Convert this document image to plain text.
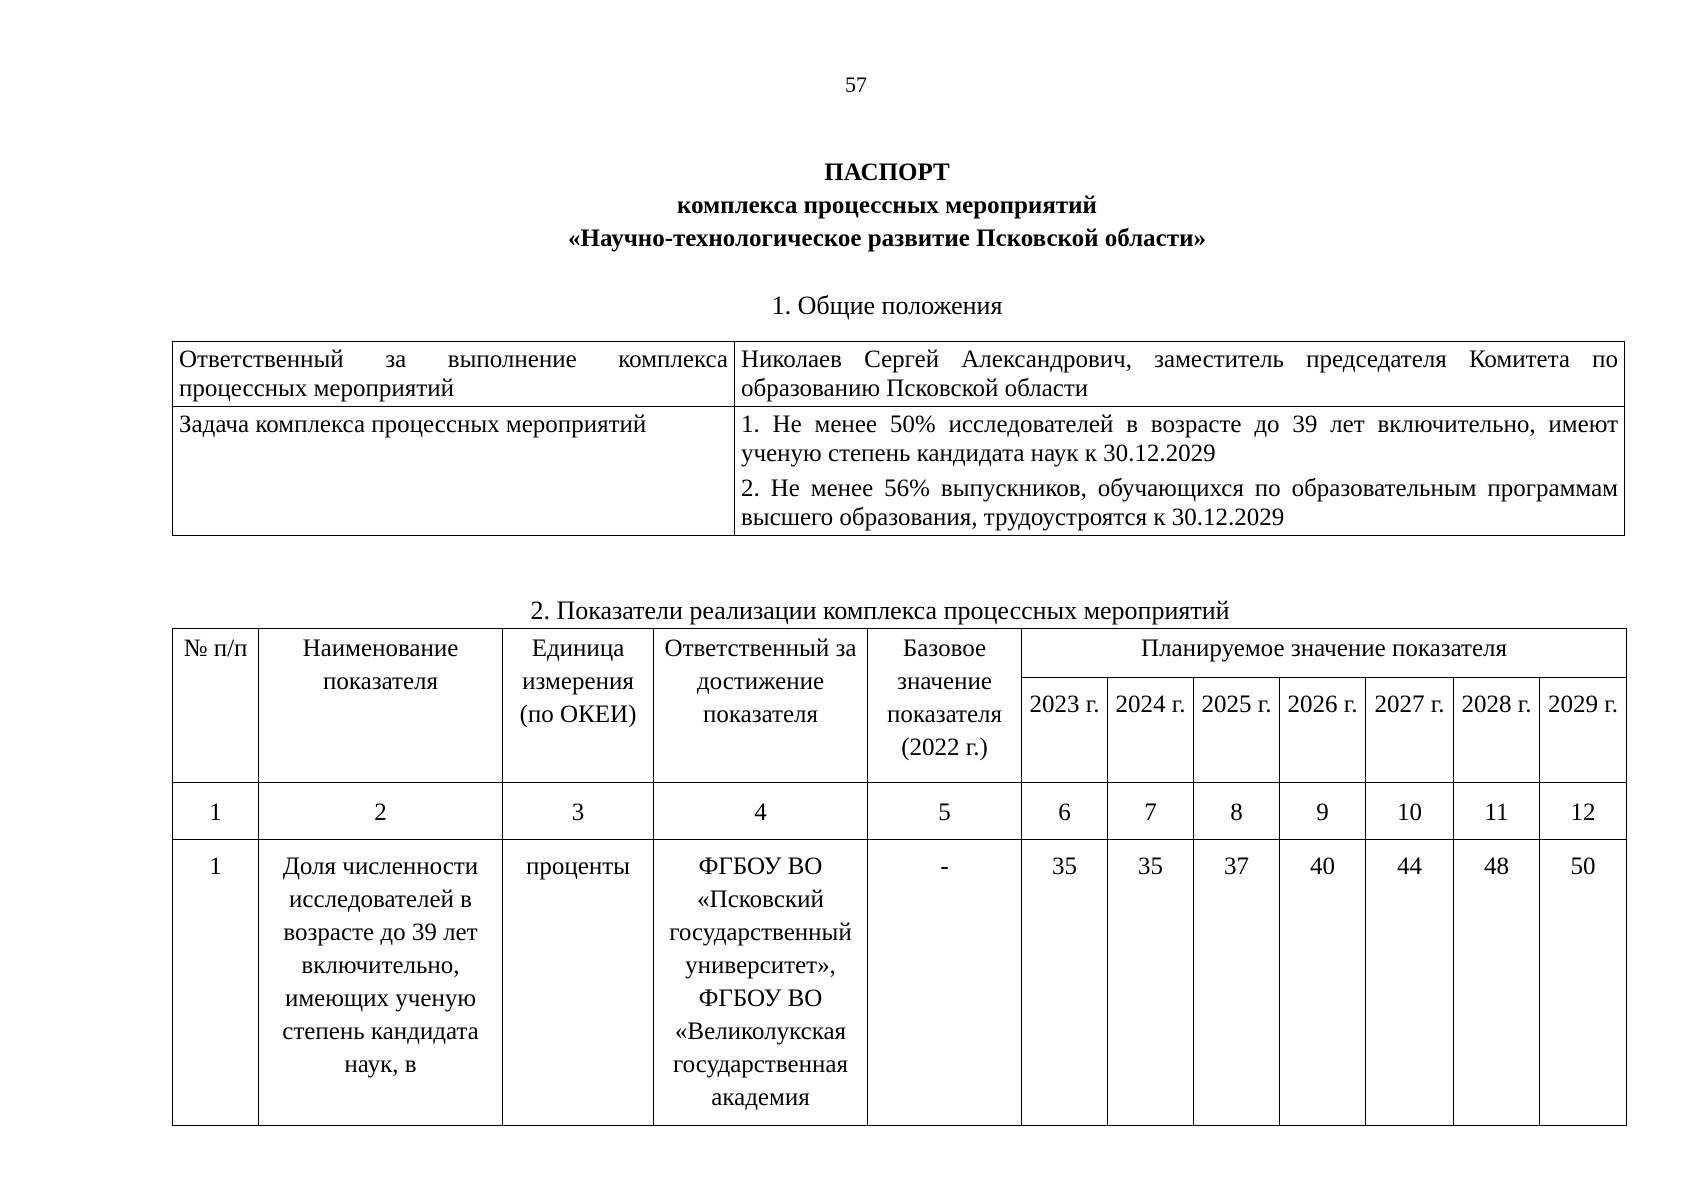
57
ПАСПОРТ
комплекса процессных мероприятий
«Научно-технологическое развитие Псковской области»
1. Общие положения
Ответственный за выполнение комплекса процессных мероприятий	Николаев Сергей Александрович, заместитель председателя Комитета по образованию Псковской области
Задача комплекса процессных мероприятий	1. Не менее 50% исследователей в возрасте до 39 лет включительно, имеют ученую степень кандидата наук к 30.12.2029

2. Не менее 56% выпускников, обучающихся по образовательным программам высшего образования, трудоустроятся к 30.12.2029

2. Показатели реализации комплекса процессных мероприятий
№ п/п	Наименование показателя	Единица измерения (по ОКЕИ)	Ответственный за достижение показателя	Базовое значение показателя (2022 г.)	Планируемое значение показателя						
					2023 г.	2024 г.	2025 г.	2026 г.	2027 г.	2028 г.	2029 г.
1	2	3	4	5	6	7	8	9	10	11	12
1	Доля численности исследователей в возрасте до 39 лет включительно, имеющих ученую степень кандидата наук, в	проценты	ФГБОУ ВО «Псковский государственный университет», ФГБОУ ВО «Великолукская государственная академия	-	35	35	37	40	44	48	50
